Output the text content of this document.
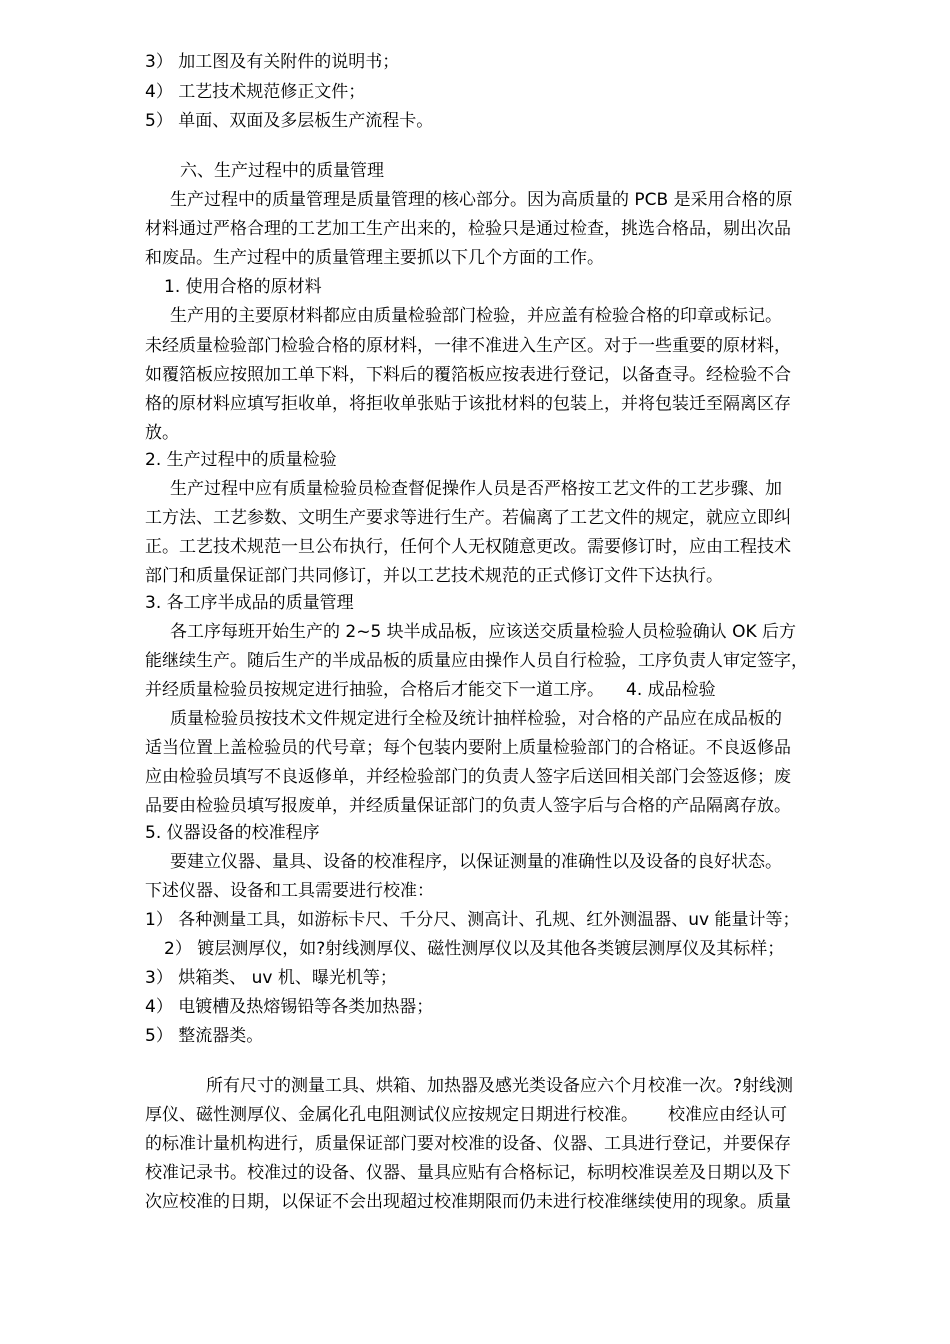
3） 加工图及有关附件的说明书；
4） 工艺技术规范修正文件；
5） 单面、双面及多层板生产流程卡。
六、生产过程中的质量管理
生产过程中的质量管理是质量管理的核心部分。因为高质量的 PCB 是采用合格的原
材料通过严格合理的工艺加工生产出来的，检验只是通过检查，挑选合格品，剔出次品
和废品。生产过程中的质量管理主要抓以下几个方面的工作。
1. 使用合格的原材料
生产用的主要原材料都应由质量检验部门检验，并应盖有检验合格的印章或标记。
未经质量检验部门检验合格的原材料，一律不准进入生产区。对于一些重要的原材料，
如覆箔板应按照加工单下料，下料后的覆箔板应按表进行登记，以备查寻。经检验不合
格的原材料应填写拒收单，将拒收单张贴于该批材料的包装上，并将包装迁至隔离区存
放。
2. 生产过程中的质量检验
生产过程中应有质量检验员检查督促操作人员是否严格按工艺文件的工艺步骤、加
工方法、工艺参数、文明生产要求等进行生产。若偏离了工艺文件的规定，就应立即纠
正。工艺技术规范一旦公布执行，任何个人无权随意更改。需要修订时，应由工程技术
部门和质量保证部门共同修订，并以工艺技术规范的正式修订文件下达执行。
3. 各工序半成品的质量管理
各工序每班开始生产的 2~5 块半成品板，应该送交质量检验人员检验确认 OK 后方
能继续生产。随后生产的半成品板的质量应由操作人员自行检验，工序负责人审定签字，
并经质量检验员按规定进行抽验，合格后才能交下一道工序。 4. 成品检验
质量检验员按技术文件规定进行全检及统计抽样检验，对合格的产品应在成品板的
适当位置上盖检验员的代号章；每个包装内要附上质量检验部门的合格证。不良返修品
应由检验员填写不良返修单，并经检验部门的负责人签字后送回相关部门会签返修；废
品要由检验员填写报废单，并经质量保证部门的负责人签字后与合格的产品隔离存放。
5. 仪器设备的校准程序
要建立仪器、量具、设备的校准程序，以保证测量的准确性以及设备的良好状态。
下述仪器、设备和工具需要进行校准：
1） 各种测量工具，如游标卡尺、千分尺、测高计、孔规、红外测温器、uv 能量计等；
2） 镀层测厚仪，如?射线测厚仪、磁性测厚仪以及其他各类镀层测厚仪及其标样；
3） 烘箱类、 uv 机、曝光机等；
4） 电镀槽及热熔锡铅等各类加热器；
5） 整流器类。
所有尺寸的测量工具、烘箱、加热器及感光类设备应六个月校准一次。?射线测
厚仪、磁性测厚仪、金属化孔电阻测试仪应按规定日期进行校准。 校准应由经认可
的标准计量机构进行，质量保证部门要对校准的设备、仪器、工具进行登记，并要保存
校准记录书。校准过的设备、仪器、量具应贴有合格标记，标明校准误差及日期以及下
次应校准的日期，以保证不会出现超过校准期限而仍未进行校准继续使用的现象。质量
